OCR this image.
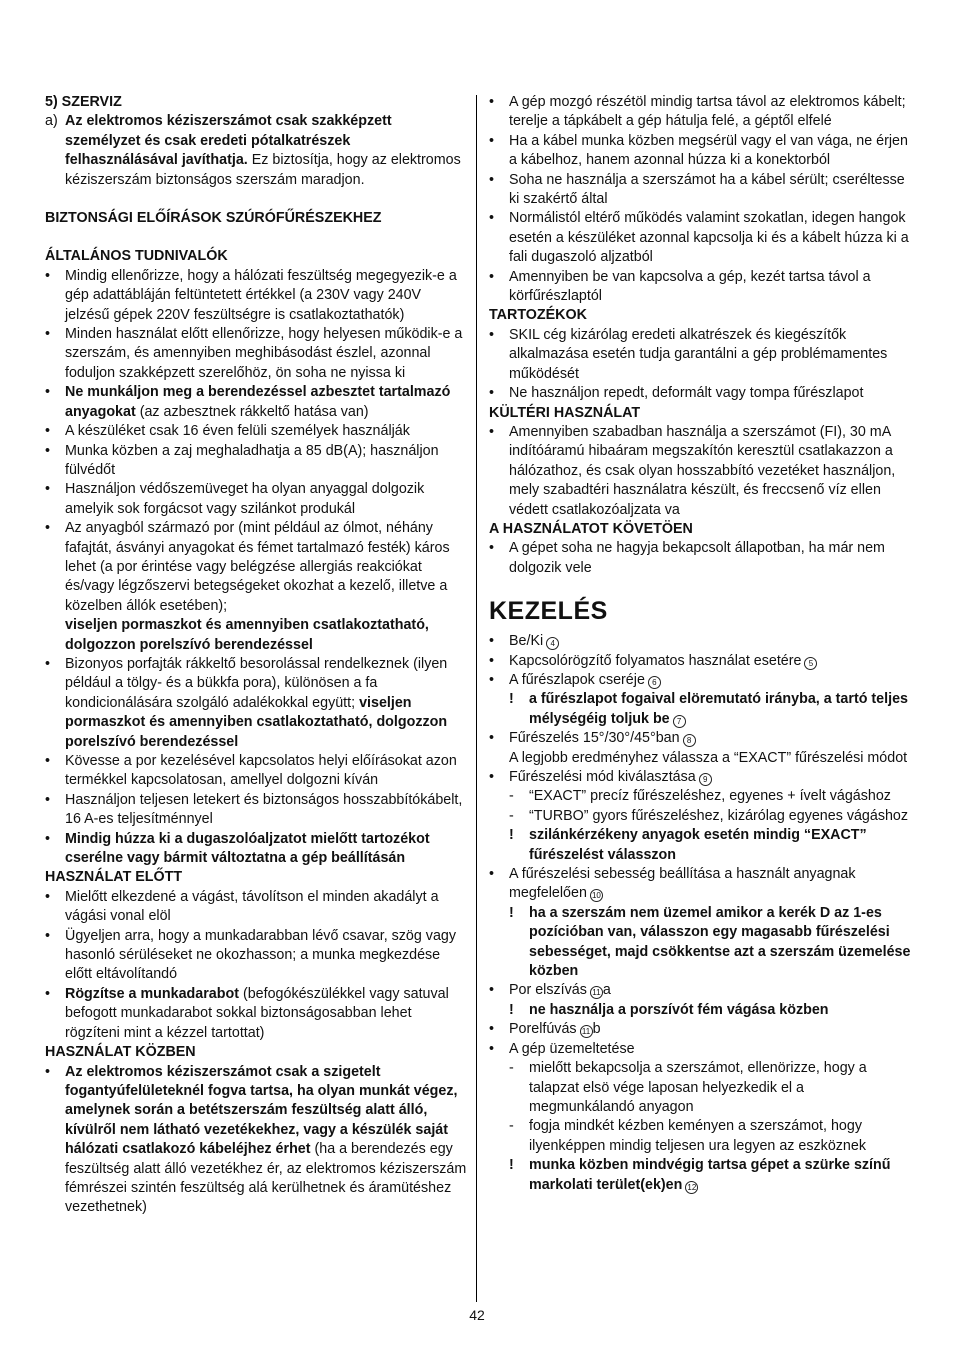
5) SZERVIZ

a) Az elektromos kéziszerszámot csak szakképzett személyzet és csak eredeti pótalkatrészek felhasználásával javíthatja. Ez biztosítja, hogy az elektromos kéziszerszám biztonságos szerszám maradjon.

BIZTONSÁGI ELŐÍRÁSOK SZÚRÓFŰRÉSZEKHEZ

ÁLTALÁNOS TUDNIVALÓK

•	Mindig ellenőrizze, hogy a hálózati feszültség megegyezik-e a gép adattábláján feltüntetett értékkel (a 230V vagy 240V jelzésű gépek 220V feszültségre is csatlakoztathatók)
•	Minden használat előtt ellenőrizze, hogy helyesen működik-e a szerszám, és amennyiben meghibásodást észlel, azonnal foduljon szakképzett szerelőhöz, ön soha ne nyissa ki
•	Ne munkáljon meg a berendezéssel azbesztet tartalmazó anyagokat (az azbesztnek rákkeltő hatása van)
•	A készüléket csak 16 éven felüli személyek használják
•	Munka közben a zaj meghaladhatja a 85 dB(A); használjon fülvédőt
•	Használjon védőszemüveget ha olyan anyaggal dolgozik amelyik sok forgácsot vagy szilánkot produkál
•	Az anyagból származó por (mint például az ólmot, néhány fafajtát, ásványi anyagokat és fémet tartalmazó festék) káros lehet (a por érintése vagy belégzése allergiás reakciókat és/vagy légzőszervi betegségeket okozhat a kezelő, illetve a közelben állók esetében);
viseljen pormaszkot és amennyiben csatlakoztatható, dolgozzon porelszívó berendezéssel
•	Bizonyos porfajták rákkeltő besorolással rendelkeznek (ilyen például a tölgy- és a bükkfa pora), különösen a fa kondicionálására szolgáló adalékokkal együtt; viseljen pormaszkot és amennyiben csatlakoztatható, dolgozzon porelszívó berendezéssel
•	Kövesse a por kezelésével kapcsolatos helyi előírásokat azon termékkel kapcsolatosan, amellyel dolgozni kíván
•	Használjon teljesen letekert és biztonságos hosszabbítókábelt, 16 A-es teljesítménnyel
•	Mindig húzza ki a dugaszolóaljzatot mielőtt tartozékot cserélne vagy bármit változtatna a gép beállításán

HASZNÁLAT ELŐTT

•	Mielőtt elkezdené a vágást, távolítson el minden akadályt a vágási vonal elöl
•	Ügyeljen arra, hogy a munkadarabban lévő csavar, szög vagy hasonló sérüléseket ne okozhasson; a munka megkezdése előtt eltávolítandó
•	Rögzítse a munkadarabot (befogókészülékkel vagy satuval befogott munkadarabot sokkal biztonságosabban lehet rögzíteni mint a kézzel tartottat)

HASZNÁLAT KÖZBEN

•	Az elektromos kéziszerszámot csak a szigetelt fogantyúfelületeknél fogva tartsa, ha olyan munkát végez, amelynek során a betétszerszám feszültség alatt álló, kívülről nem látható vezetékekhez, vagy a készülék saját hálózati csatlakozó kábeléjhez érhet (ha a berendezés egy feszültség alatt álló vezetékhez ér, az elektromos kéziszerszám fémrészei szintén feszültség alá kerülhetnek és áramütéshez vezethetnek)
•	A gép mozgó részétöl mindig tartsa távol az elektromos kábelt; terelje a tápkábelt a gép hátulja felé, a géptől elfelé
•	Ha a kábel munka közben megsérül vagy el van vága, ne érjen a kábelhoz, hanem azonnal húzza ki a konektorból
•	Soha ne használja a szerszámot ha a kábel sérült; cseréltesse ki szakértő által
•	Normálistól eltérő működés valamint szokatlan, idegen hangok esetén a készüléket azonnal kapcsolja ki és a kábelt húzza ki a fali dugaszoló aljzatból
•	Amennyiben be van kapcsolva a gép, kezét tartsa távol a körfűrészlaptól

TARTOZÉKOK

•	SKIL cég kizárólag eredeti alkatrészek és kiegészítők alkalmazása esetén tudja garantálni a gép problémamentes működését
•	Ne használjon repedt, deformált vagy tompa fűrészlapot

KÜLTÉRI HASZNÁLAT

•	Amennyiben szabadban használja a szerszámot (FI), 30 mA indítóáramú hibaáram megszakítón keresztül csatlakazzon a hálózathoz, és csak olyan hosszabbító vezetéket használjon, mely szabadtéri használatra készült, és freccsenő víz ellen védett csatlakozóaljzata va

A HASZNÁLATOT KÖVETÖEN

•	A gépet soha ne hagyja bekapcsolt állapotban, ha már nem dolgozik vele

KEZELÉS

•	Be/Ki 4
•	Kapcsolórögzítő folyamatos használat esetére 5
•	A fűrészlapok cseréje 6
!	a fűrészlapot fogaival elöremutató irányba, a tartó teljes mélységéig toljuk be 7
•	Fűrészelés 15°/30°/45°ban 8
A legjobb eredményhez válassza a “EXACT” fűrészelési módot
•	Fűrészelési mód kiválasztása 9
-	“EXACT” precíz fűrészeléshez, egyenes + ívelt vágáshoz
-	“TURBO” gyors fűrészeléshez, kizárólag egyenes vágáshoz
!	szilánkérzékeny anyagok esetén mindig “EXACT” fűrészelést válasszon
•	A fűrészelési sebesség beállítása a használt anyagnak megfelelően 10
!	ha a szerszám nem üzemel amikor a kerék D az 1-es pozícióban van, válasszon egy magasabb fűrészelési sebességet, majd csökkentse azt a szerszám üzemelése közben
•	Por elszívás 11 a
!	ne használja a porszívót fém vágása közben
•	Porelfúvás 11 b
•	A gép üzemeltetése
-	mielőtt bekapcsolja a szerszámot, ellenörizze, hogy a talapzat elsö vége laposan helyezkedik el a megmunkálandó anyagon
-	fogja mindkét kézben keményen a szerszámot, hogy ilyenképpen mindig teljesen ura legyen az eszköznek
!	munka közben mindvégig tartsa gépet a szürke színű markolati terület(ek)en 12
42
